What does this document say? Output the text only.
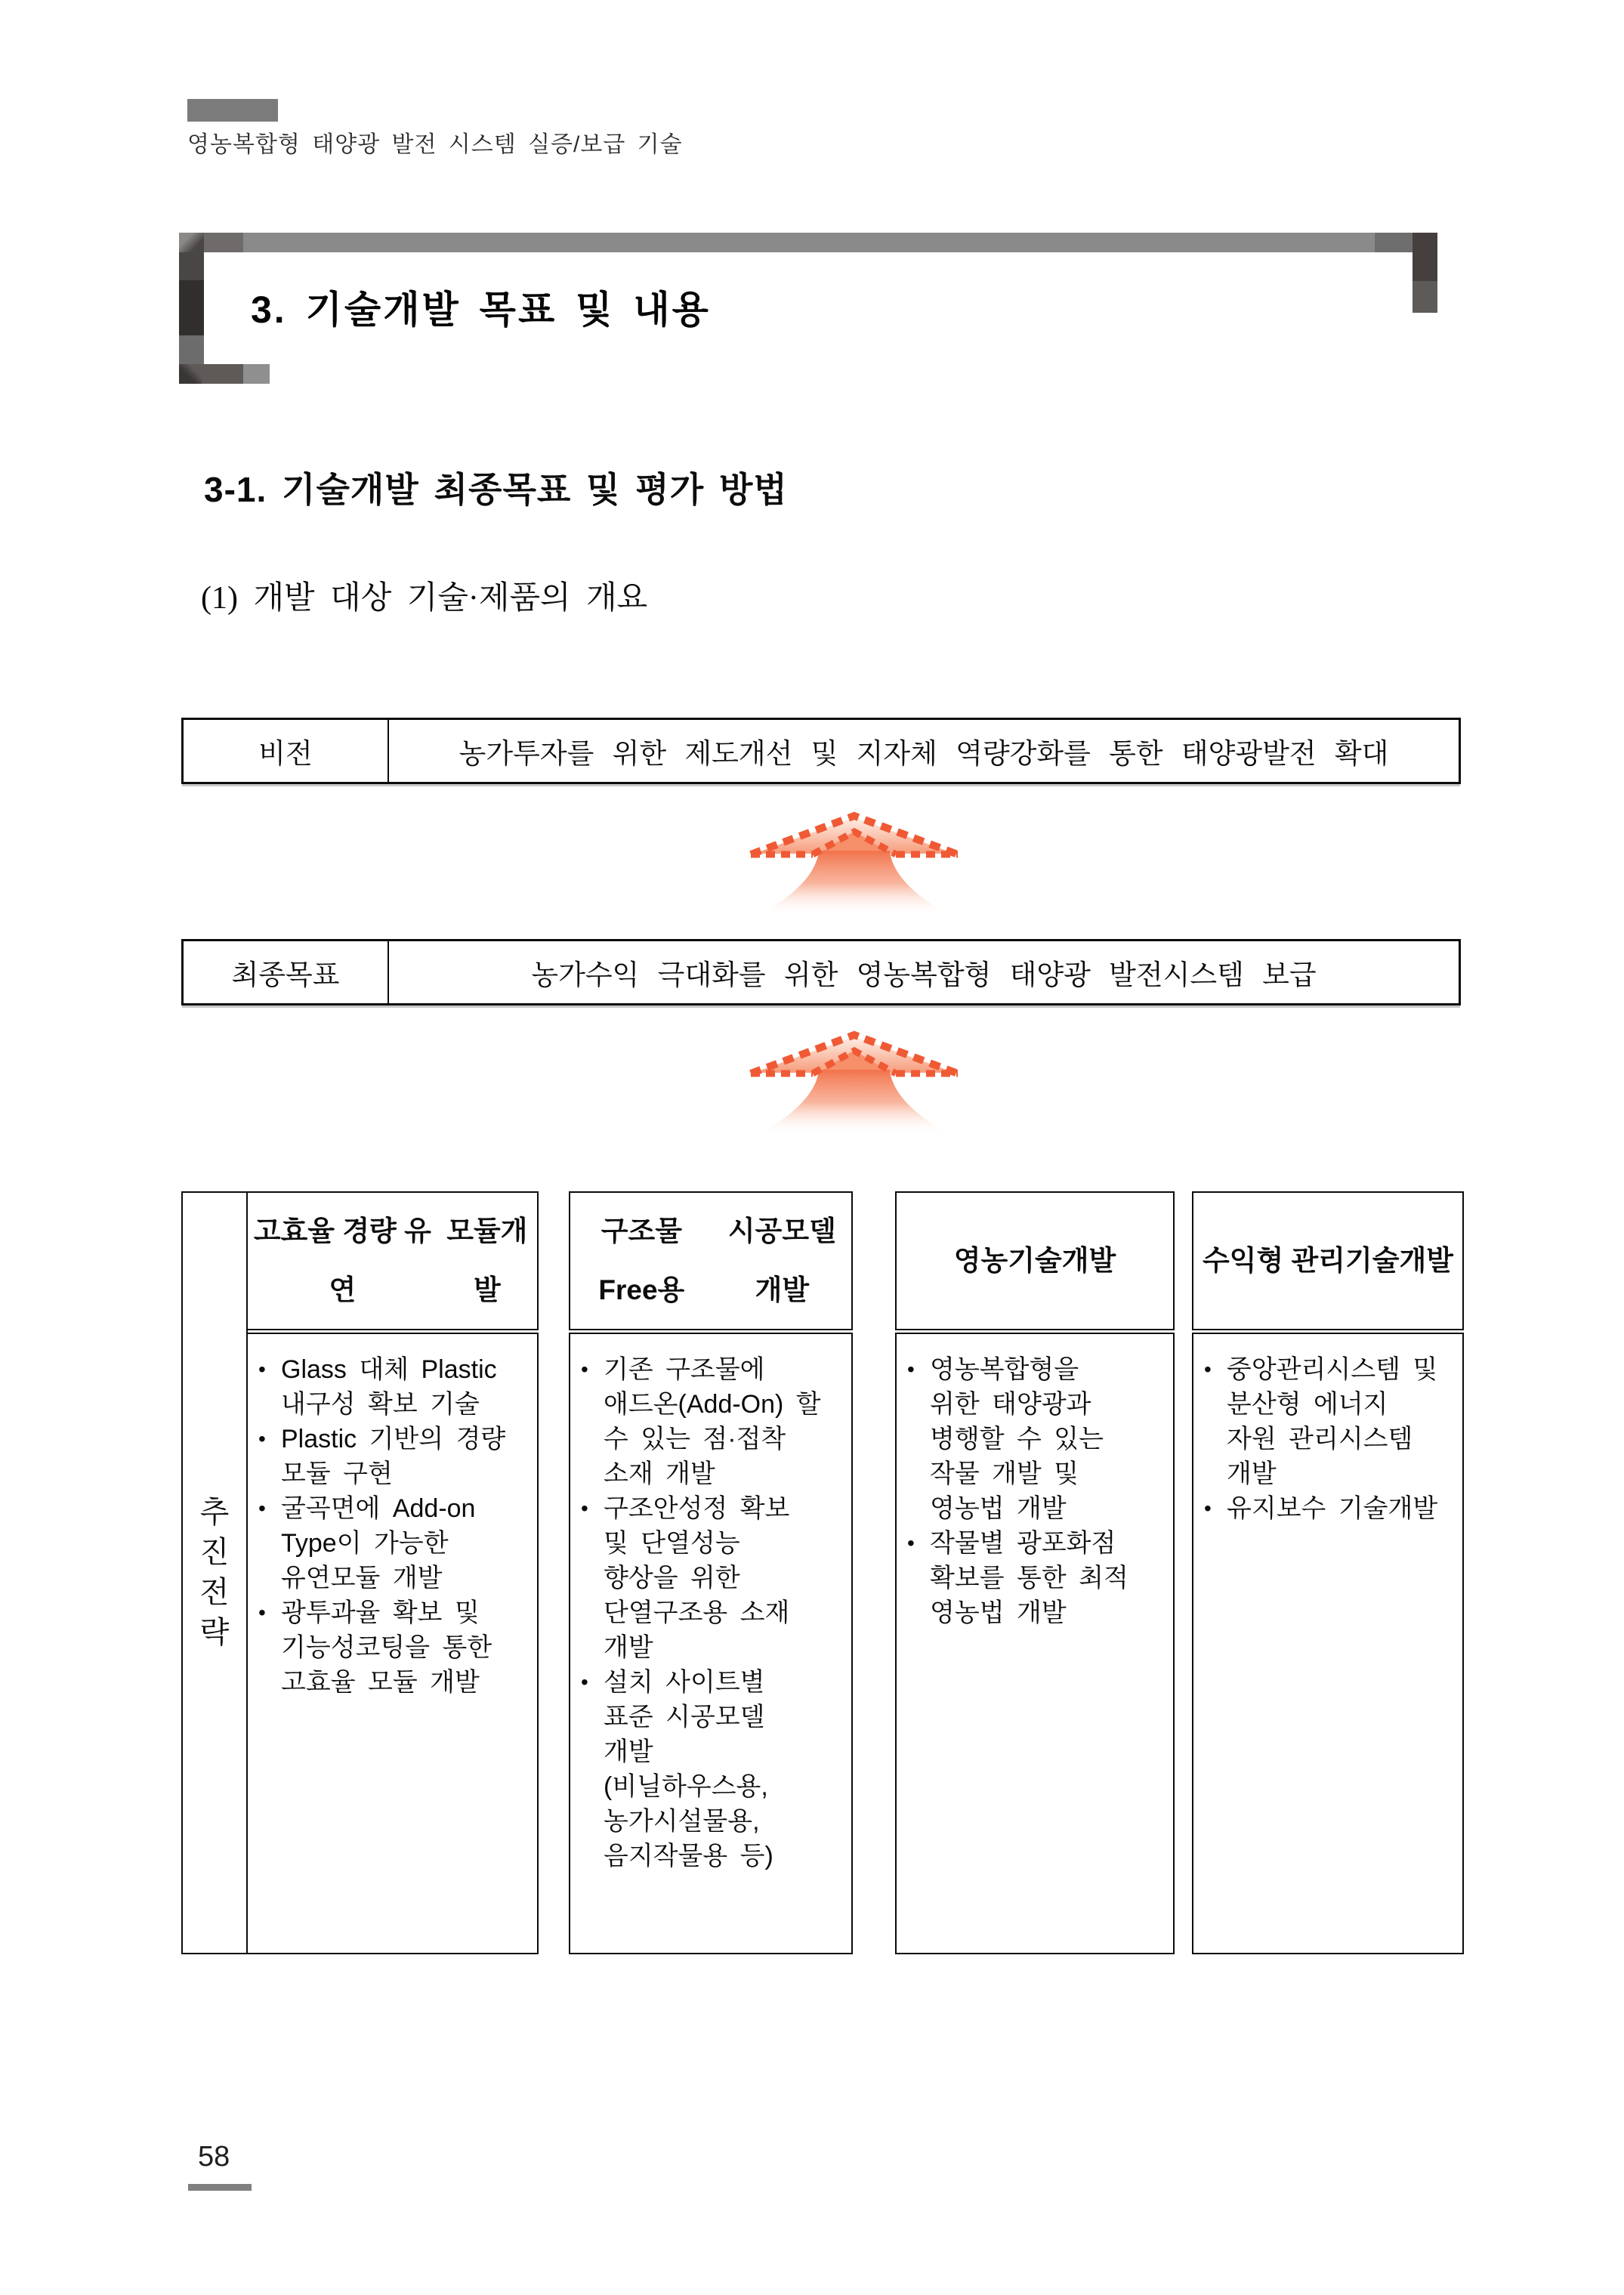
영농복합형 태양광 발전 시스템 실증/보급 기술
3. 기술개발 목표 및 내용
3-1. 기술개발 최종목표 및 평가 방법
(1) 개발 대상 기술·제품의 개요
비전	농가투자를 위한 제도개선 및 지자체 역량강화를 통한 태양광발전 확대
최종목표	농가수익 극대화를 위한 영농복합형 태양광 발전시스템 보급
추진전략
고효율 경량 유연
모듈개발
• Glass 대체 Plastic
내구성 확보 기술
• Plastic 기반의 경량
모듈 구현
• 굴곡면에 Add-on
Type이 가능한
유연모듈 개발
• 광투과율 확보 및
기능성코팅을 통한
고효율 모듈 개발
구조물 Free용
시공모델 개발
• 기존 구조물에
애드온(Add-On) 할
수 있는 점·접착
소재 개발
• 구조안성정 확보
및 단열성능
향상을 위한
단열구조용 소재
개발
• 설치 사이트별
표준 시공모델
개발
(비닐하우스용,
농가시설물용,
음지작물용 등)
영농기술개발
• 영농복합형을
위한 태양광과
병행할 수 있는
작물 개발 및
영농법 개발
• 작물별 광포화점
확보를 통한 최적
영농법 개발
수익형 관리기술 개발
• 중앙관리시스템 및
분산형 에너지
자원 관리시스템
개발
• 유지보수 기술개발
58
